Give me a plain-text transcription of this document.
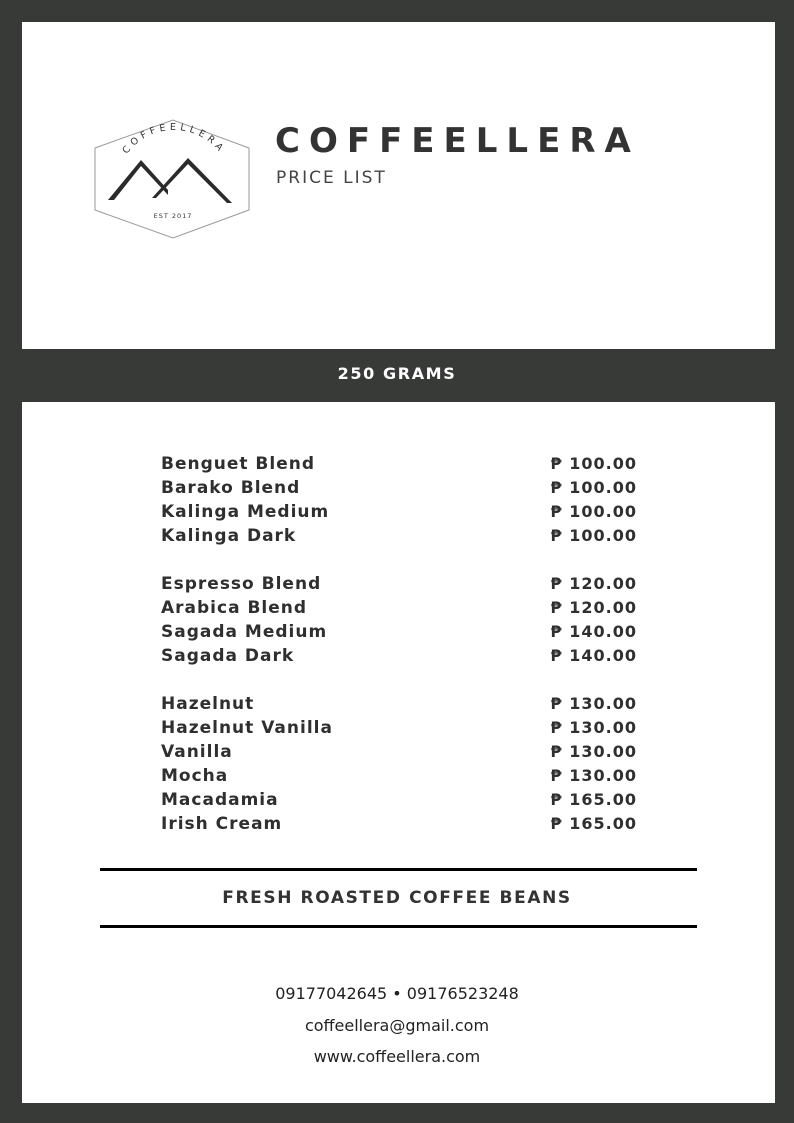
COFFEELLERA
EST 2017
COFFEELLERA
PRICE LIST
250 GRAMS
Benguet Blend	₱ 100.00
Barako Blend	₱ 100.00
Kalinga Medium	₱ 100.00
Kalinga Dark	₱ 100.00
Espresso Blend	₱ 120.00
Arabica Blend	₱ 120.00
Sagada Medium	₱ 140.00
Sagada Dark	₱ 140.00
Hazelnut	₱ 130.00
Hazelnut Vanilla	₱ 130.00
Vanilla	₱ 130.00
Mocha	₱ 130.00
Macadamia	₱ 165.00
Irish Cream	₱ 165.00
FRESH ROASTED COFFEE BEANS
09177042645 • 09176523248
coffeellera@gmail.com
www.coffeellera.com
